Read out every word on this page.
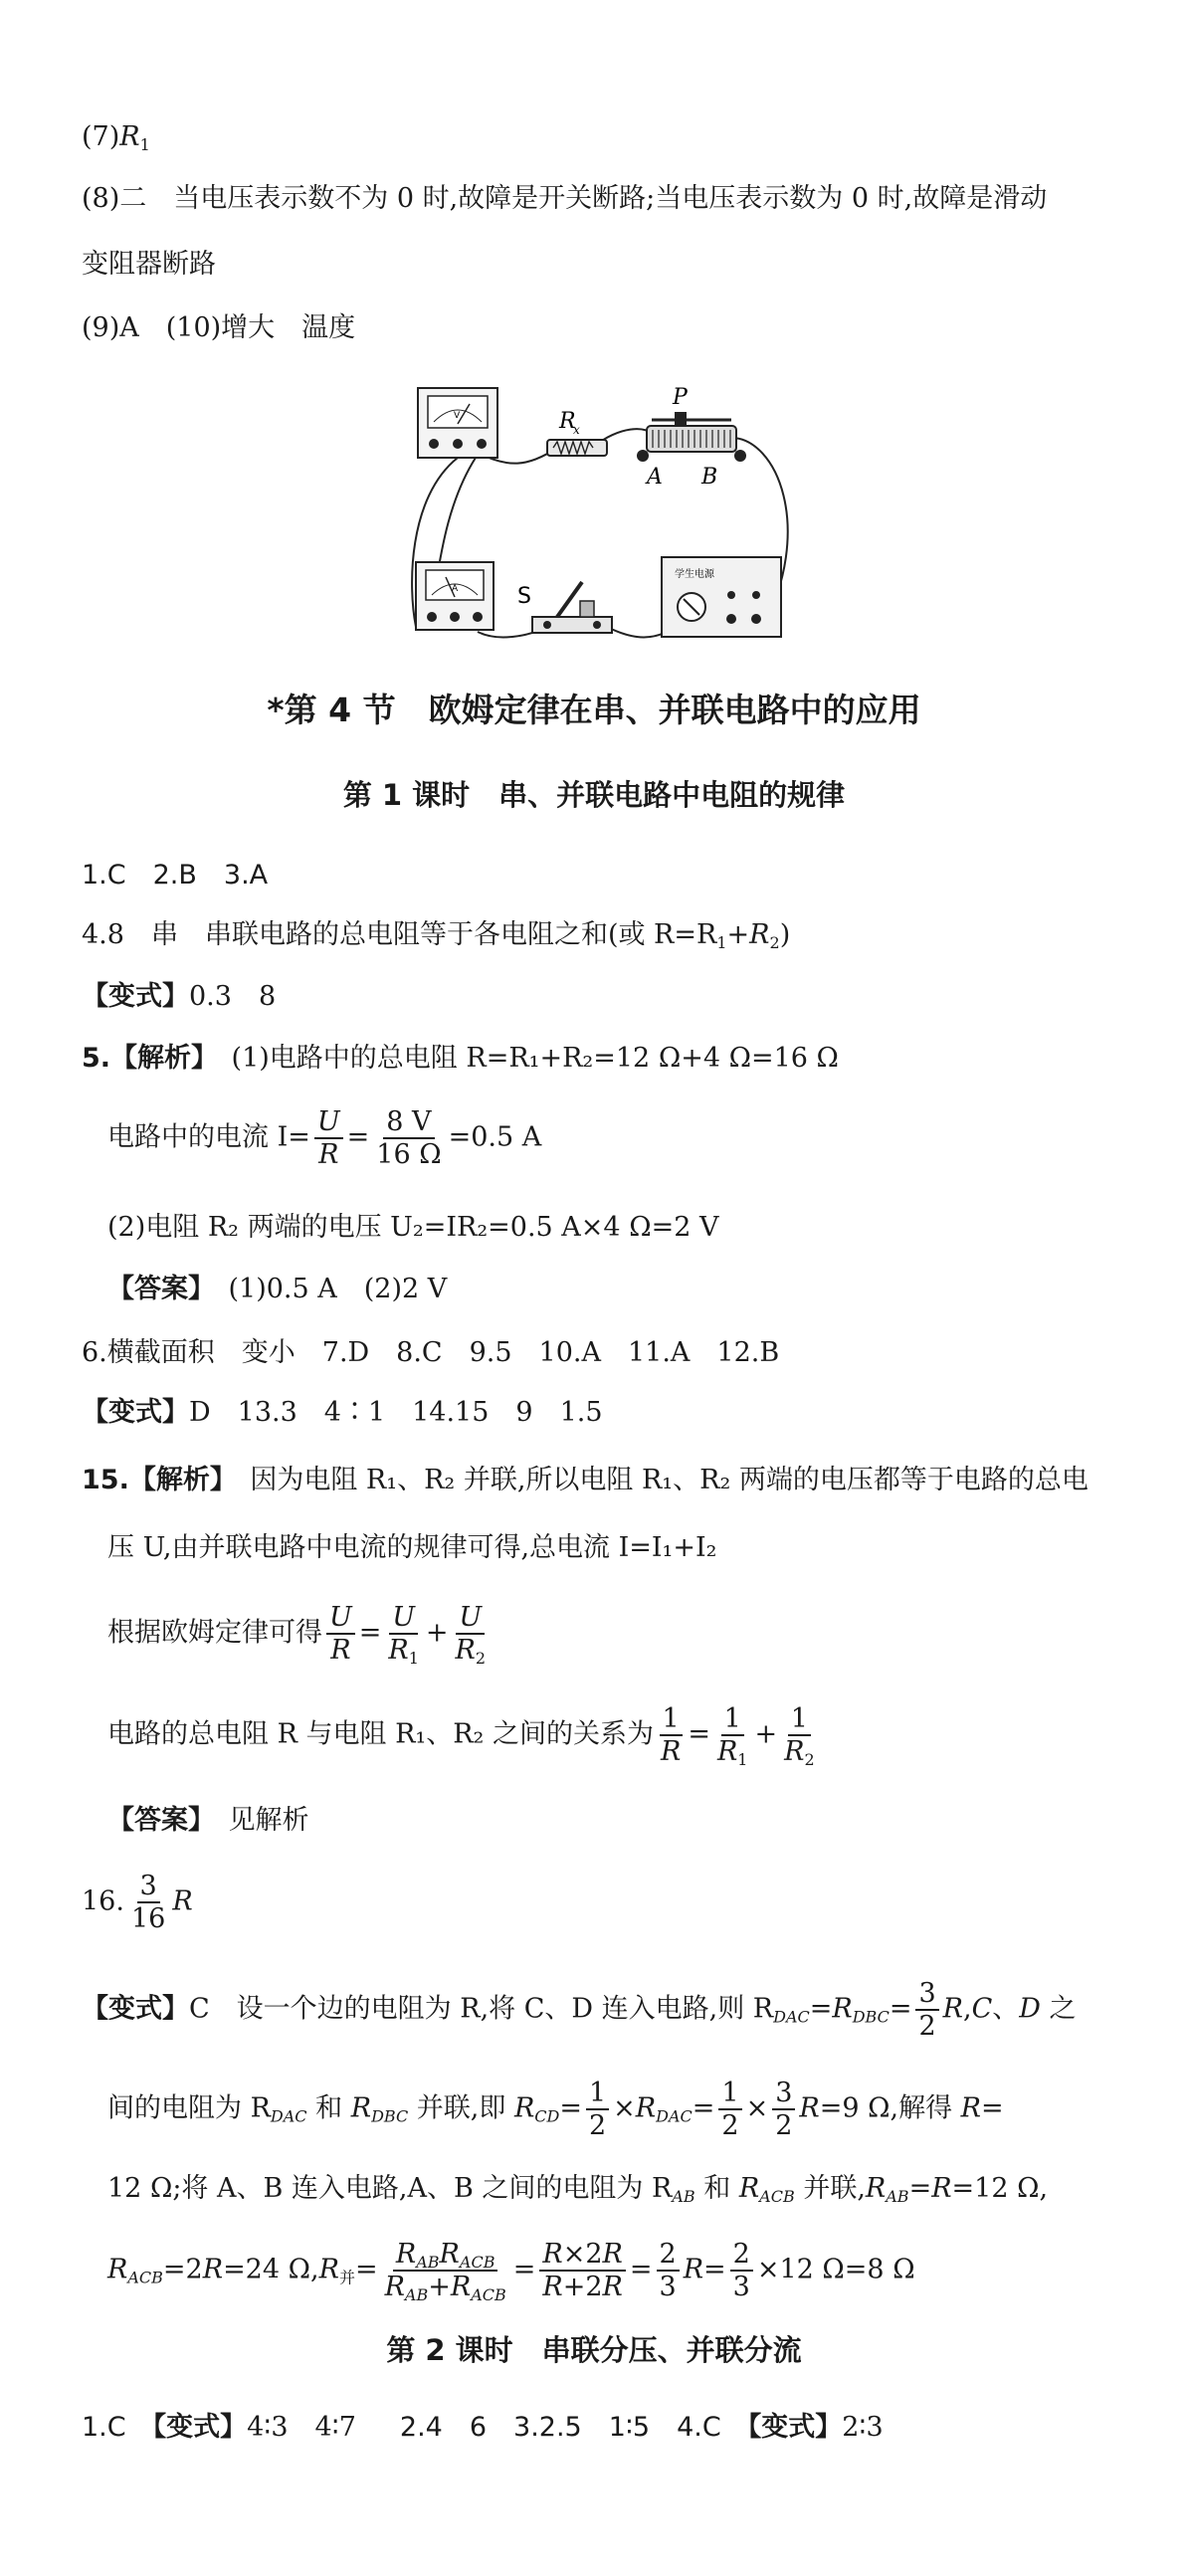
$(7)R_1$
(8)二　当电压表示数不为 0 时,故障是开关断路;当电压表示数为 0 时,故障是滑动
变阻器断路
(9)A　(10)增大　温度
V	R
x
P
A B
A	S
学生电源
*第 4 节　欧姆定律在串、并联电路中的应用
第 1 课时　串、并联电路中电阻的规律
1.C　2.B　3.A
4.8　串　串联电路的总电阻等于各电阻之和(或 $R=R_1+R_2$)
【变式】0.3　8
5.【解析】　 (1)电路中的总电阻 R=R₁+R₂=12 Ω+4 Ω=16 Ω
电路中的电流 $I= \frac{U}{R} = \frac{8 V}{16 \Omega} =0.5$ A
(2)电阻 R₂ 两端的电压 U₂=IR₂=0.5 A×4 Ω=2 V
【答案】　 (1)0.5 A　(2)2 V
6.横截面积　变小　7.D　8.C　9.5　10.A　11.A　12.B
【变式】D　13.3　4∶1　14.15　9　1.5
15.【解析】　 因为电阻 R₁、R₂ 并联,所以电阻 R₁、R₂ 两端的电压都等于电路的总电
压 U,由并联电路中电流的规律可得,总电流 I=I₁+I₂
根据欧姆定律可得 $\frac{U}{R} = \frac{U}{R_1} + \frac{U}{R_2}$
电路的总电阻 R 与电阻 R₁、R₂ 之间的关系为 $\frac{1}{R} = \frac{1}{R_1} + \frac{1}{R_2}$
【答案】　 见解析
16. $\frac{3}{16}$ R
【变式】C　设一个边的电阻为 R,将 C、D 连入电路,则 $R_{DAC}=R_{DBC}= \frac{3}{2} R,C$、D 之
间的电阻为 $R_{DAC}$ 和 $R_{DBC}$ 并联,即 $R_{CD}= \frac{1}{2} \times R_{DAC}= \frac{1}{2} \times \frac{3}{2} R=9$ Ω,解得 R=
12 Ω;将 A、B 连入电路,A、B 之间的电阻为 $R_{AB}$ 和 $R_{ACB}$ 并联$,R_{AB}=R=12$ Ω,
$R_{ACB}=2R=24$ $\Omega,R_并= \frac{R_{AB}R_{ACB}}{R_{AB}+R_{ACB}} = \frac{R\times 2R}{R+2R} = \frac{2}{3} R= \frac{2}{3} \times 12$ Ω=8 Ω
第 2 课时　串联分压、并联分流
1.C　 【变式】4∶3　4∶7 2.4　6　3.2.5　1∶5　4.C　 【变式】2∶3
